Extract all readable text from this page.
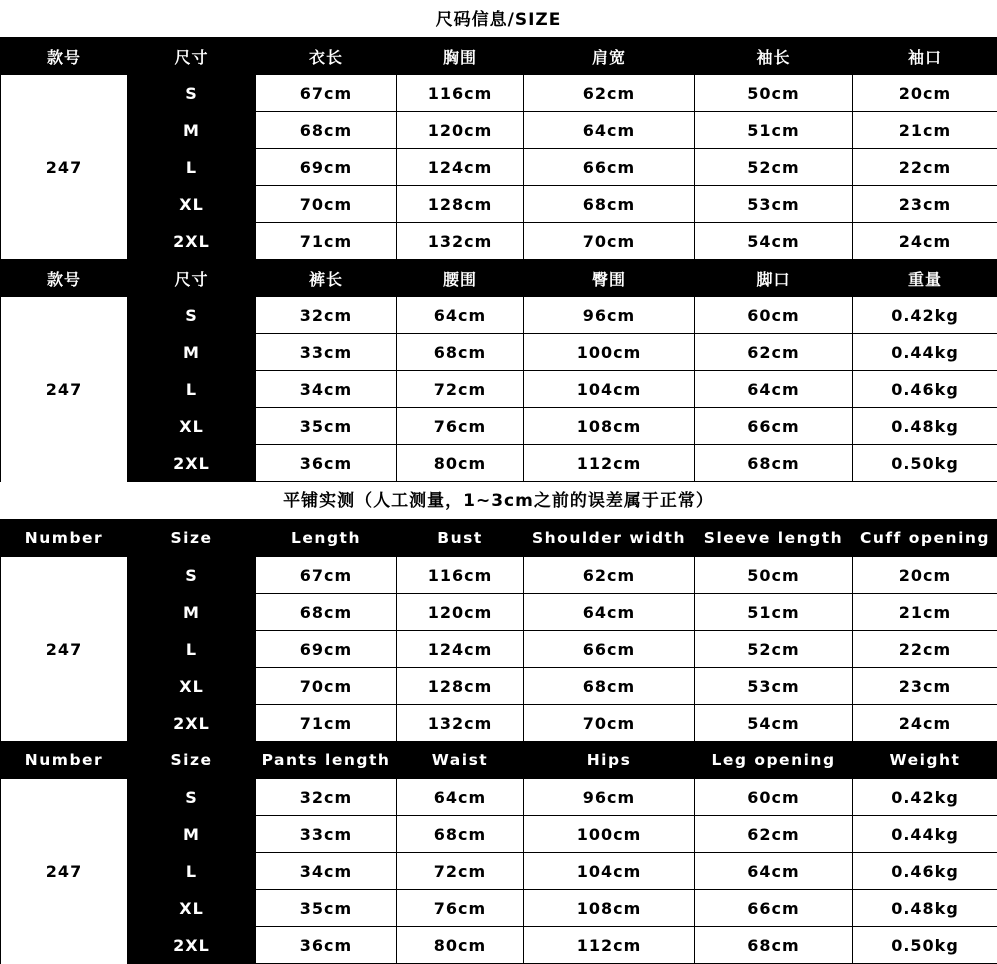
尺码信息/SIZE
款号	尺寸	衣长	胸围	肩宽	袖长	袖口
247	S	67cm	116cm	62cm	50cm	20cm
	M	68cm	120cm	64cm	51cm	21cm
	L	69cm	124cm	66cm	52cm	22cm
	XL	70cm	128cm	68cm	53cm	23cm
	2XL	71cm	132cm	70cm	54cm	24cm
款号	尺寸	裤长	腰围	臀围	脚口	重量
247	S	32cm	64cm	96cm	60cm	0.42kg
	M	33cm	68cm	100cm	62cm	0.44kg
	L	34cm	72cm	104cm	64cm	0.46kg
	XL	35cm	76cm	108cm	66cm	0.48kg
	2XL	36cm	80cm	112cm	68cm	0.50kg
平铺实测（人工测量，1~3cm之前的误差属于正常）
Number	Size	Length	Bust	Shoulder width	Sleeve length	Cuff opening
247	S	67cm	116cm	62cm	50cm	20cm
	M	68cm	120cm	64cm	51cm	21cm
	L	69cm	124cm	66cm	52cm	22cm
	XL	70cm	128cm	68cm	53cm	23cm
	2XL	71cm	132cm	70cm	54cm	24cm
Number	Size	Pants length	Waist	Hips	Leg opening	Weight
247	S	32cm	64cm	96cm	60cm	0.42kg
	M	33cm	68cm	100cm	62cm	0.44kg
	L	34cm	72cm	104cm	64cm	0.46kg
	XL	35cm	76cm	108cm	66cm	0.48kg
	2XL	36cm	80cm	112cm	68cm	0.50kg
